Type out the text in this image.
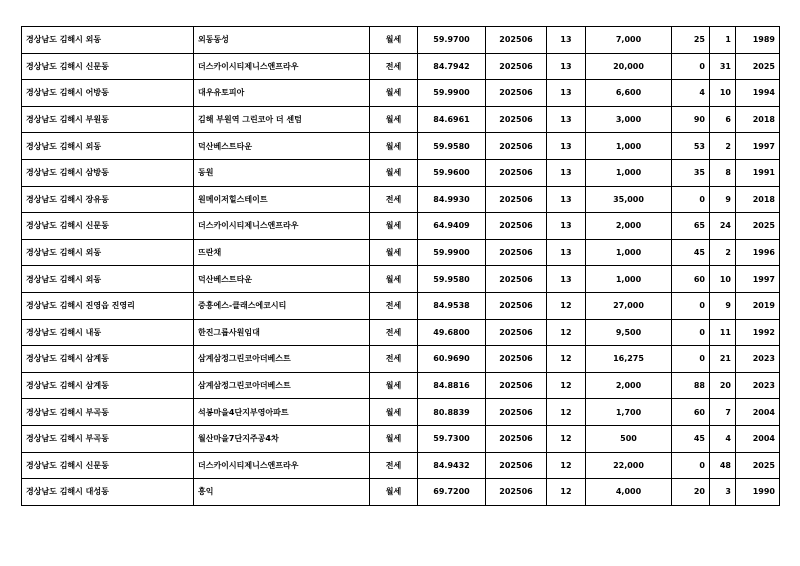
경상남도 김해시 외동	외동동성	월세	59.9700	202506	13	7,000	25	1	1989
경상남도 김해시 신문동	더스카이시티제니스앤프라우	전세	84.7942	202506	13	20,000	0	31	2025
경상남도 김해시 어방동	대우유토피아	월세	59.9900	202506	13	6,600	4	10	1994
경상남도 김해시 부원동	김해 부원역 그린코아 더 센텀	월세	84.6961	202506	13	3,000	90	6	2018
경상남도 김해시 외동	덕산베스트타운	월세	59.9580	202506	13	1,000	53	2	1997
경상남도 김해시 삼방동	동원	월세	59.9600	202506	13	1,000	35	8	1991
경상남도 김해시 장유동	원메이저힐스테이트	전세	84.9930	202506	13	35,000	0	9	2018
경상남도 김해시 신문동	더스카이시티제니스앤프라우	월세	64.9409	202506	13	2,000	65	24	2025
경상남도 김해시 외동	뜨란채	월세	59.9900	202506	13	1,000	45	2	1996
경상남도 김해시 외동	덕산베스트타운	월세	59.9580	202506	13	1,000	60	10	1997
경상남도 김해시 진영읍 진영리	중흥에스-클래스에코시티	전세	84.9538	202506	12	27,000	0	9	2019
경상남도 김해시 내동	한진그룹사원임대	전세	49.6800	202506	12	9,500	0	11	1992
경상남도 김해시 삼계동	삼계삼정그린코아더베스트	전세	60.9690	202506	12	16,275	0	21	2023
경상남도 김해시 삼계동	삼계삼정그린코아더베스트	월세	84.8816	202506	12	2,000	88	20	2023
경상남도 김해시 부곡동	석봉마을4단지부영아파트	월세	80.8839	202506	12	1,700	60	7	2004
경상남도 김해시 부곡동	월산마을7단지주공4차	월세	59.7300	202506	12	500	45	4	2004
경상남도 김해시 신문동	더스카이시티제니스앤프라우	전세	84.9432	202506	12	22,000	0	48	2025
경상남도 김해시 대성동	흥익	월세	69.7200	202506	12	4,000	20	3	1990
